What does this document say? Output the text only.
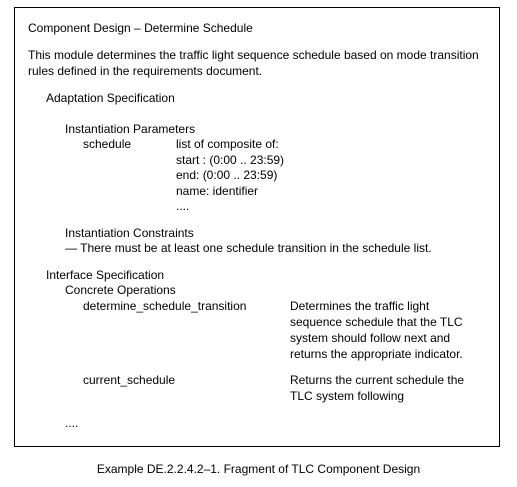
Component Design – Determine Schedule
This module determines the traffic light sequence schedule based on mode transition
rules defined in the requirements document.
Adaptation Specification
Instantiation Parameters
schedule	list of composite of:
start : (0:00 .. 23:59)
end: (0:00 .. 23:59)
name: identifier
....
Instantiation Constraints
— There must be at least one schedule transition in the schedule list.
Interface Specification
Concrete Operations
determine_schedule_transition	Determines the traffic light
sequence schedule that the TLC
system should follow next and
returns the appropriate indicator.
current_schedule	Returns the current schedule the
TLC system following
....
Example DE.2.2.4.2–1. Fragment of TLC Component Design
